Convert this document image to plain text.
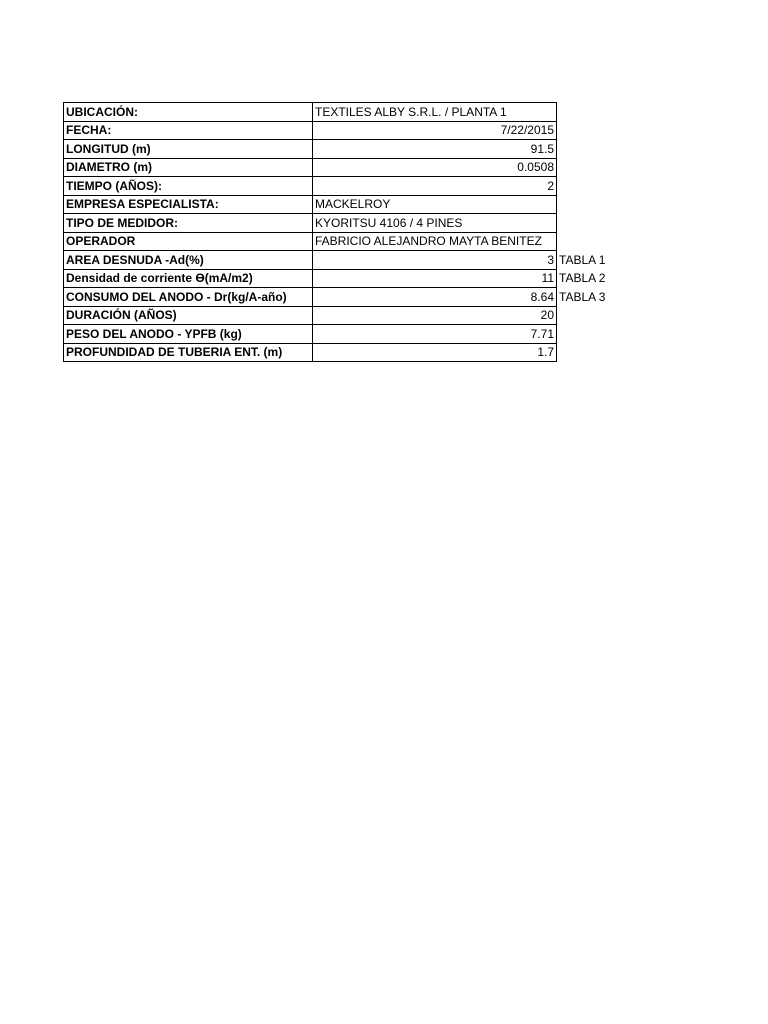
UBICACIÓN:	TEXTILES ALBY S.R.L. / PLANTA 1	
FECHA:	7/22/2015	
LONGITUD (m)	91.5	
DIAMETRO (m)	0.0508	
TIEMPO (AÑOS):	2	
EMPRESA ESPECIALISTA:	MACKELROY	
TIPO DE MEDIDOR:	KYORITSU 4106 / 4 PINES	
OPERADOR	FABRICIO ALEJANDRO MAYTA BENITEZ	
AREA DESNUDA -Ad(%)	3	TABLA 1
Densidad de corriente ϴ(mA/m2)	11	TABLA 2
CONSUMO DEL ANODO - Dr(kg/A-año)	8.64	TABLA 3
DURACIÓN (AÑOS)	20	
PESO DEL ANODO - YPFB (kg)	7.71	
PROFUNDIDAD DE TUBERIA ENT. (m)	1.7	
